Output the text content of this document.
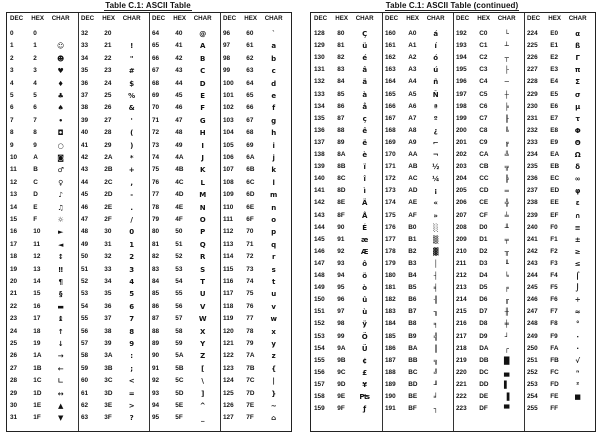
Table C.1: ASCII Table
DEC HEX CHAR
0	0
1	1	☺
2	2	☻
3	3	♥
4	4	♦
5	5	♣
6	6	♠
7	7	•
8	8	◘
9	9	○
10	A	◙
11	B	♂
12	C	♀
13	D	♪
14	E	♫
15	F	☼
16	10	►
17	11	◄
18	12	↕
19	13	‼
20	14	¶
21	15	§
22	16	▬
23	17	↨
24	18	↑
25	19	↓
26	1A	→
27	1B	←
28	1C	∟
29	1D	↔
30	1E	▲
31	1F	▼
DEC HEX CHAR
32	20
33	21	!
34	22	"
35	23	#
36	24	$
37	25	%
38	26	&
39	27	'
40	28	(
41	29	)
42	2A	*
43	2B	+
44	2C	,
45	2D	-
46	2E	.
47	2F	/
48	30	0
49	31	1
50	32	2
51	33	3
52	34	4
53	35	5
54	36	6
55	37	7
56	38	8
57	39	9
58	3A	:
59	3B	;
60	3C	<
61	3D	=
62	3E	>
63	3F	?
DEC HEX CHAR
64	40	@
65	41	A
66	42	B
67	43	C
68	44	D
69	45	E
70	46	F
71	47	G
72	48	H
73	49	I
74	4A	J
75	4B	K
76	4C	L
77	4D	M
78	4E	N
79	4F	O
80	50	P
81	51	Q
82	52	R
83	53	S
84	54	T
85	55	U
86	56	V
87	57	W
88	58	X
89	59	Y
90	5A	Z
91	5B	[
92	5C	\
93	5D	]
94	5E	^
95	5F	_
DEC HEX CHAR
96	60	`
97	61	a
98	62	b
99	63	c
100 64	d
101 65	e
102 66	f
103 67	g
104 68	h
105 69	i
106 6A	j
107 6B	k
108 6C	l
109 6D	m
110 6E	n
111 6F	o
112 70	p
113 71	q
114 72	r
115 73	s
116 74	t
117 75	u
118 76	v
119 77	w
120 78	x
121 79	y
122 7A	z
123 7B	{
124 7C	|
125 7D	}
126 7E	~
127 7F	⌂
Table C.1: ASCII Table (continued)
DEC HEX CHAR
128 80	Ç
129 81	ü
130 82	é
131 83	â
132 84	ä
133 85	à
134 86	å
135 87	ç
136 88	ê
137 89	ë
138 8A	è
139 8B	ï
140 8C	î
141 8D	ì
142 8E	Ä
143 8F	Å
144 90	É
145 91	æ
146 92	Æ
147 93	ô
148 94	ö
149 95	ò
150 96	û
151 97	ù
152 98	ÿ
153 99	Ö
154 9A	Ü
155 9B	¢
156 9C	£
157 9D	¥
158 9E ₧
159 9F	ƒ
DEC HEX CHAR
160 A0	á
161 A1	í
162 A2	ó
163 A3	ú
164 A4	ñ
165 A5	Ñ
166 A6	ª
167 A7	º
168 A8	¿
169 A9	⌐
170 AA	¬
171 AB	½
172 AC	¼
173 AD	¡
174 AE	«
175 AF	»
176 B0	░
177 B1	▒
178 B2	▓
179 B3	│
180 B4	┤
181 B5	╡
182 B6	╢
183 B7	╖
184 B8	╕
185 B9	╣
186 BA	║
187 BB	╗
188 BC	╝
189 BD	╜
190 BE	╛
191 BF	┐
DEC HEX CHAR
192 C0	└
193 C1	┴
194 C2	┬
195 C3	├
196 C4	─
197 C5	┼
198 C6	╞
199 C7	╟
200 C8	╚
201 C9	╔
202 CA	╩
203 CB	╦
204 CC	╠
205 CD	═
206 CE	╬
207 CF	╧
208 D0	╨
209 D1	╤
210 D2	╥
211 D3	╙
212 D4	╘
213 D5	╒
214 D6	╓
215 D7	╫
216 D8	╪
217 D9	┘
218 DA	┌
219 DB	█
220 DC	▄
221 DD	▌
222 DE	▐
223 DF	▀
DEC HEX CHAR
224 E0	α
225 E1	ß
226 E2	Γ
227 E3	π
228 E4	Σ
229 E5	σ
230 E6	µ
231 E7	τ
232 E8	Φ
233 E9	Θ
234 EA	Ω
235 EB	δ
236 EC	∞
237 ED	φ
238 EE	ε
239 EF	∩
240 F0	≡
241 F1	±
242 F2	≥
243 F3	≤
244 F4	⌠
245 F5	⌡
246 F6	÷
247 F7	≈
248 F8	°
249 F9	∙
250 FA	·
251 FB	√
252 FC	ⁿ
253 FD	²
254 FE	■
255 FF
